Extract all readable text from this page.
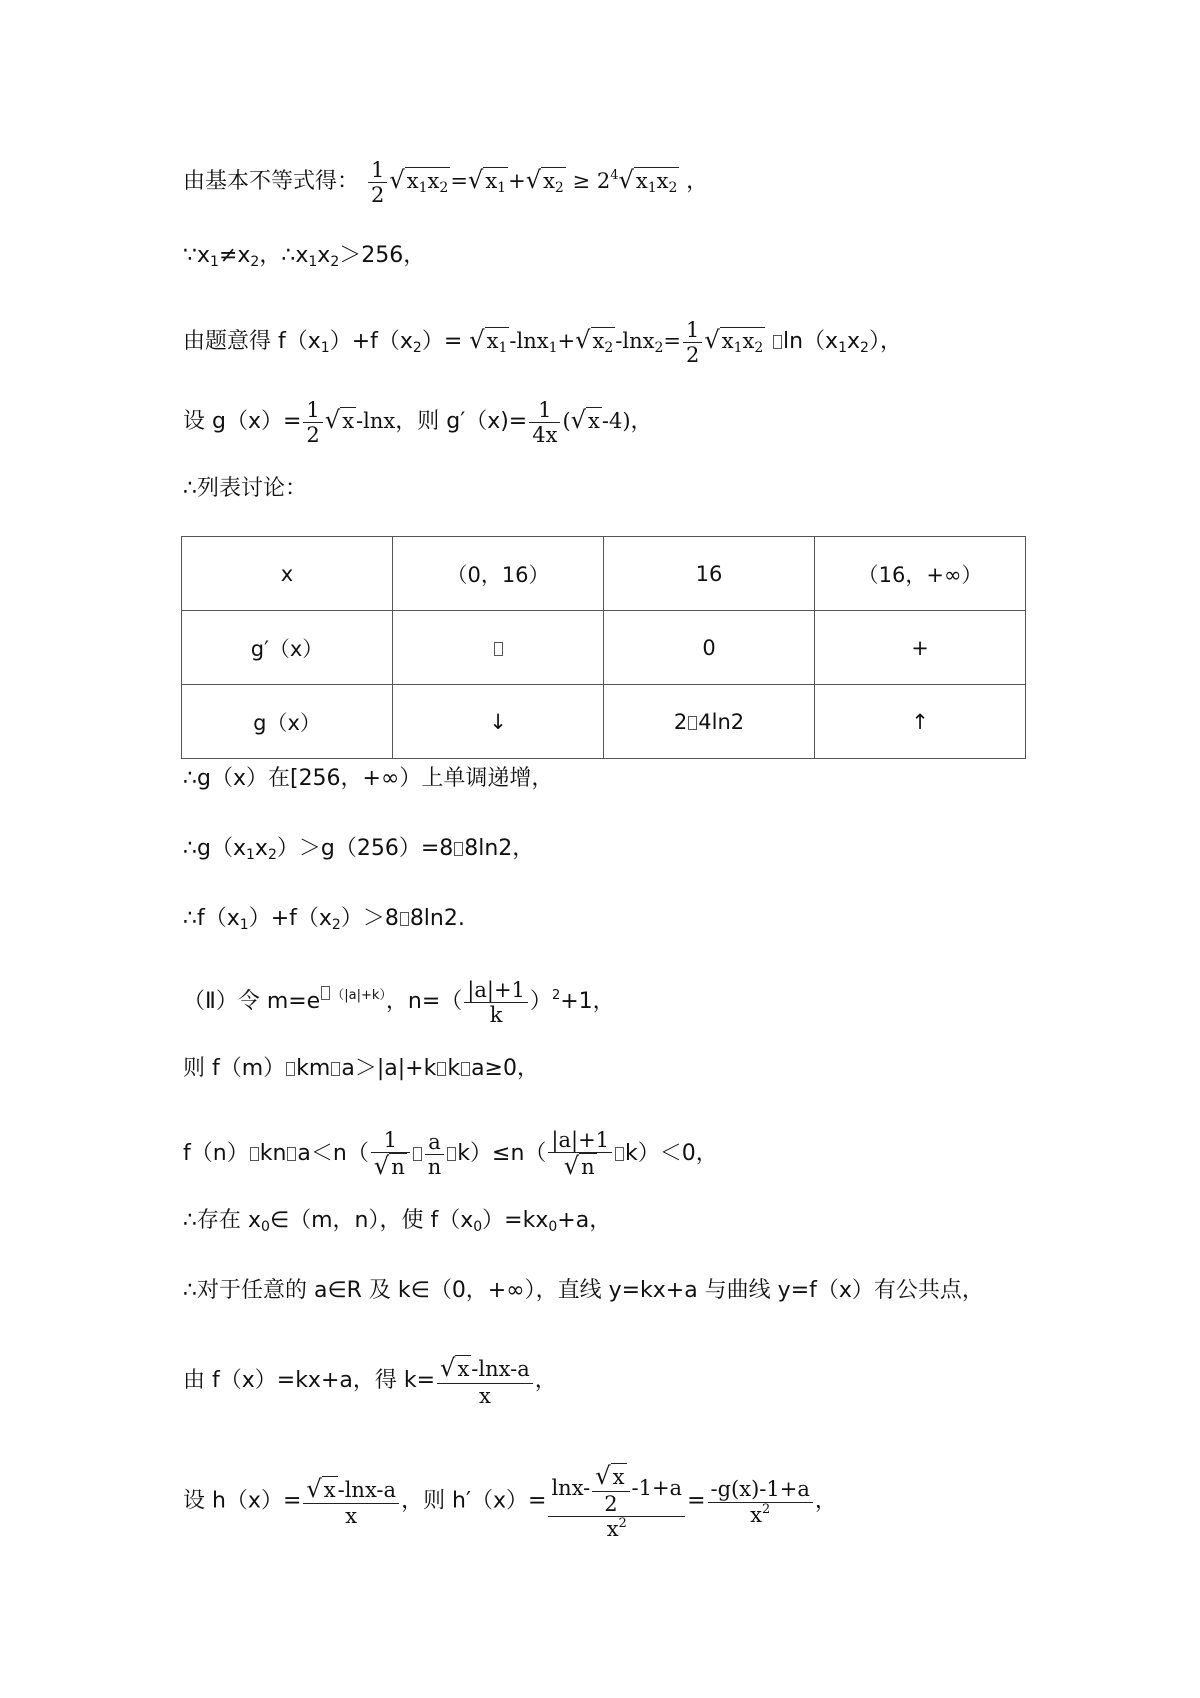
由基本不等式得： $\frac{1}{2} √x_1x_2=√x_1+√x_2 \ge 2^4√x_1x_2$ ，
$\because x_1\ne x_2$，$\therefore x_1x_2>256$，
由题意得 $f(x_1)+f(x_2)= √x_1-\ln x_1+√x_2-\ln x_2= \frac{1}{2} √x_1x_2$ $\ln(x_1x_2)$，
设 $g(x)= \frac{1}{2} √x-\ln x$，则 $g'(x)= \frac{1}{4x} (√x-4)$，
∴列表讨论：
x	（0，16）	16	（16，+∞）
g′（x）		0	+
g（x）	↓	2 4ln2	↑
∴g（x）在[256，+∞）上单调递增，
$\therefore g(x_1x_2)>g(256)=8$ 8ln2，
$\therefore f(x_1)+f(x_2)>8$ 8ln2.
（Ⅱ）令 m=e $^{(|a|+k)}$，$n=( \frac{|a|+1}{k} )^2+1$，
则 f（m） km a＞|a|+k k a≥0，
f（n） kn $a<n( \frac{1}{√n} \frac{a}{n} k)\le n( \frac{|a|+1}{√n} k)<0$，
∴存在 $x_0\in(m$，n），使 $f(x_0)=kx_0+a$，
∴对于任意的 a∈R 及 k∈（0，+∞），直线 y=kx+a 与曲线 y=f（x）有公共点，
由 f（x）=kx+a，得 $k= \frac{√x-\ln x-a}{x}$ ，
设 $h(x)= \frac{√x-\ln x-a}{x}$ ，则 $h'(x)= \frac{\ln x- \frac{√x}{2} -1+a}{x^2} = \frac{-g(x)-1+a}{x^2}$ ，
